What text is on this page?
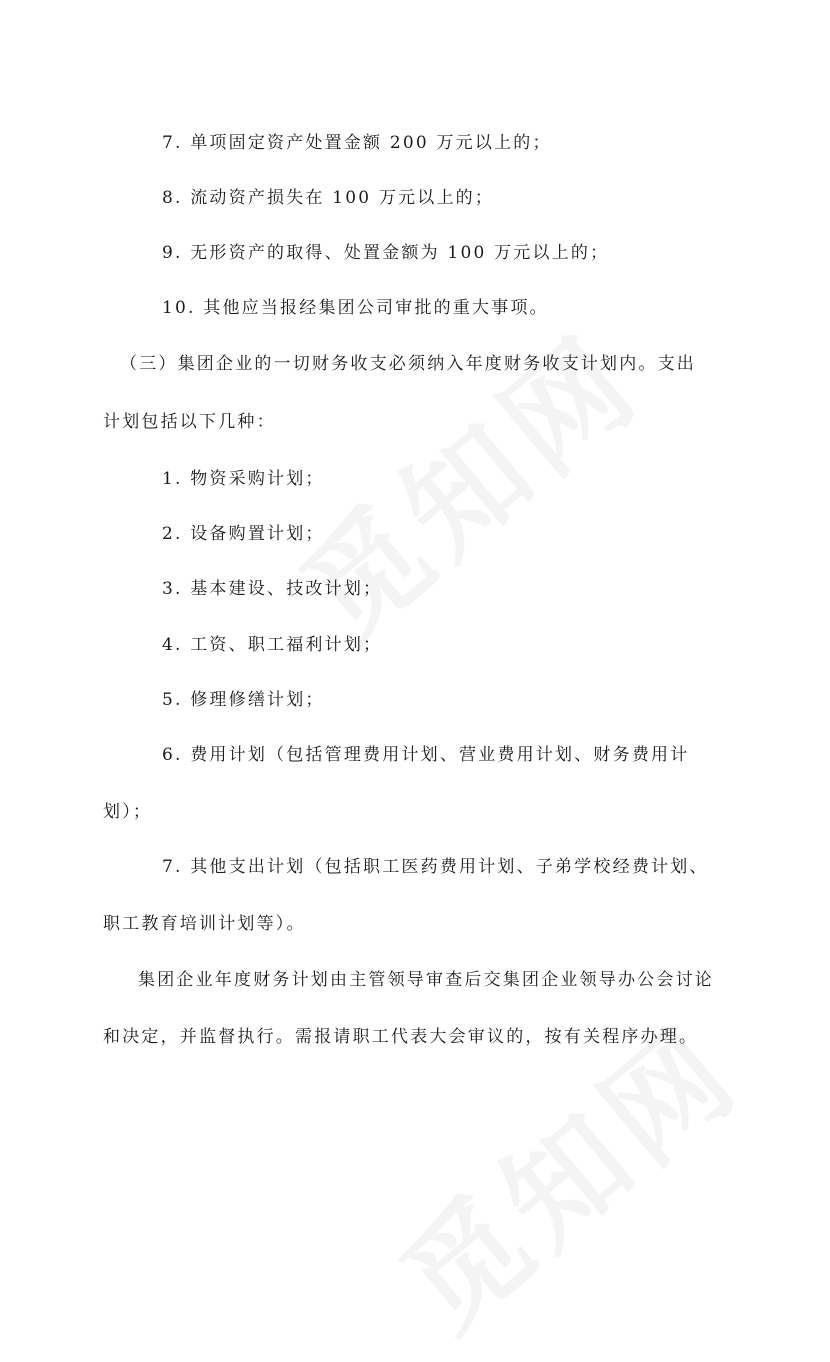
7. 单项固定资产处置金额 200 万元以上的；
8. 流动资产损失在 100 万元以上的；
9. 无形资产的取得、处置金额为 100 万元以上的；
10. 其他应当报经集团公司审批的重大事项。
（三）集团企业的一切财务收支必须纳入年度财务收支计划内。支出
计划包括以下几种：
1. 物资采购计划；
2. 设备购置计划；
3. 基本建设、技改计划；
4. 工资、职工福利计划；
5. 修理修缮计划；
6. 费用计划（包括管理费用计划、营业费用计划、财务费用计
划）；
7. 其他支出计划（包括职工医药费用计划、子弟学校经费计划、
职工教育培训计划等）。
集团企业年度财务计划由主管领导审查后交集团企业领导办公会讨论
和决定，并监督执行。需报请职工代表大会审议的，按有关程序办理。
